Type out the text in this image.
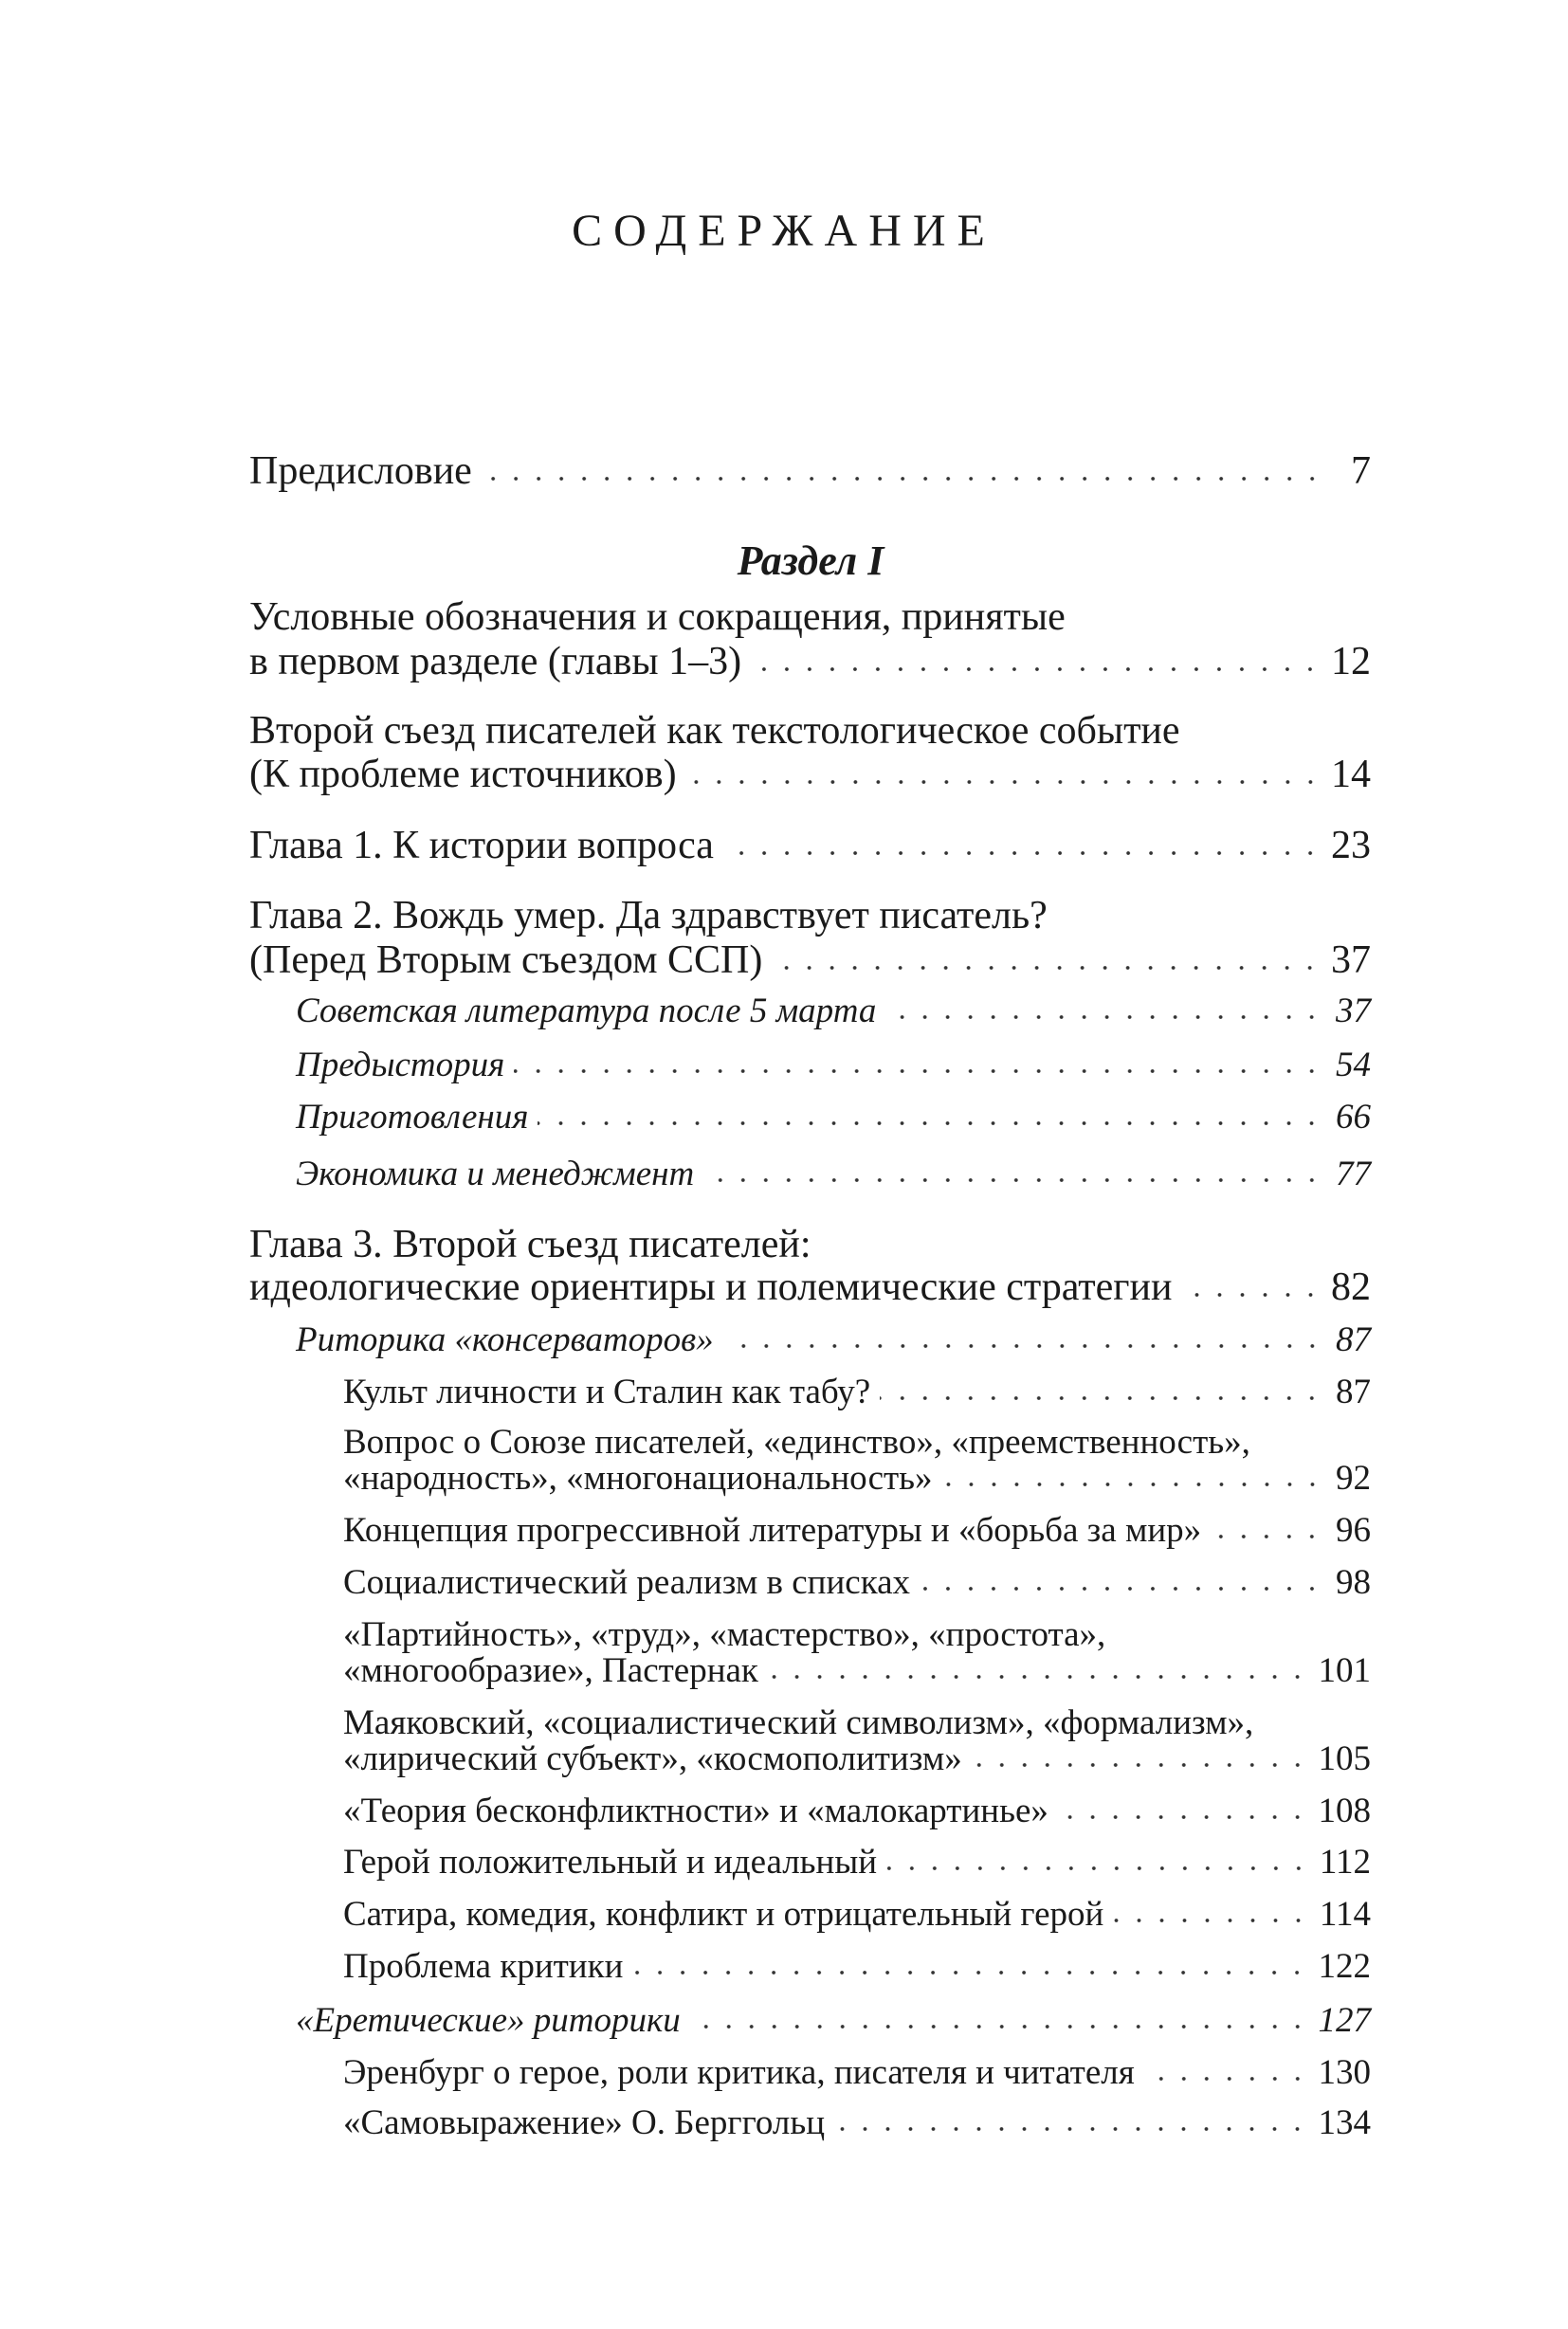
СОДЕРЖАНИЕ
Раздел I
Предисловие	7
Условные обозначения и сокращения, принятые
в первом разделе (главы 1–3)	12
Второй съезд писателей как текстологическое событие
(К проблеме источников)	14
Глава 1. К истории вопроса	23
Глава 2. Вождь умер. Да здравствует писатель?
(Перед Вторым съездом ССП)	37
Советская литература после 5 марта	37
Предыстория	54
Приготовления	66
Экономика и менеджмент	77
Глава 3. Второй съезд писателей:
идеологические ориентиры и полемические стратегии	82
Риторика «консерваторов»	87
Культ личности и Сталин как табу?	87
Вопрос о Союзе писателей, «единство», «преемственность»,
«народность», «многонациональность»	92
Концепция прогрессивной литературы и «борьба за мир»	96
Социалистический реализм в списках	98
«Партийность», «труд», «мастерство», «простота»,
«многообразие», Пастернак	101
Маяковский, «социалистический символизм», «формализм»,
«лирический субъект», «космополитизм»	105
«Теория бесконфликтности» и «малокартинье»	108
Герой положительный и идеальный	112
Сатира, комедия, конфликт и отрицательный герой	114
Проблема критики	122
«Еретические» риторики	127
Эренбург о герое, роли критика, писателя и читателя	130
«Самовыражение» О. Берггольц	134
